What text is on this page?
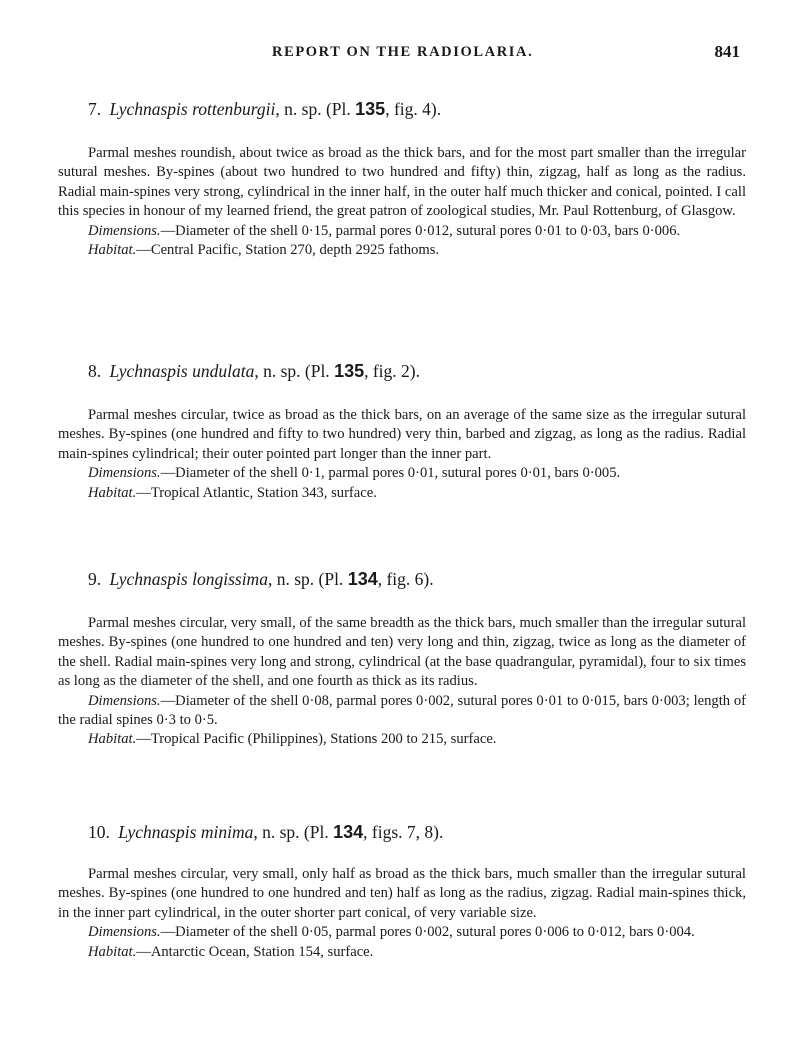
REPORT ON THE RADIOLARIA.	841

7. Lychnaspis rottenburgii, n. sp. (Pl. 135, fig. 4).

Parmal meshes roundish, about twice as broad as the thick bars, and for the most part smaller than the irregular sutural meshes. By-spines (about two hundred to two hundred and fifty) thin, zigzag, half as long as the radius. Radial main-spines very strong, cylindrical in the inner half, in the outer half much thicker and conical, pointed. I call this species in honour of my learned friend, the great patron of zoological studies, Mr. Paul Rottenburg, of Glasgow.

Dimensions.—Diameter of the shell 0·15, parmal pores 0·012, sutural pores 0·01 to 0·03, bars 0·006.

Habitat.—Central Pacific, Station 270, depth 2925 fathoms.

8. Lychnaspis undulata, n. sp. (Pl. 135, fig. 2).

Parmal meshes circular, twice as broad as the thick bars, on an average of the same size as the irregular sutural meshes. By-spines (one hundred and fifty to two hundred) very thin, barbed and zigzag, as long as the radius. Radial main-spines cylindrical; their outer pointed part longer than the inner part.

Dimensions.—Diameter of the shell 0·1, parmal pores 0·01, sutural pores 0·01, bars 0·005.

Habitat.—Tropical Atlantic, Station 343, surface.

9. Lychnaspis longissima, n. sp. (Pl. 134, fig. 6).

Parmal meshes circular, very small, of the same breadth as the thick bars, much smaller than the irregular sutural meshes. By-spines (one hundred to one hundred and ten) very long and thin, zigzag, twice as long as the diameter of the shell. Radial main-spines very long and strong, cylindrical (at the base quadrangular, pyramidal), four to six times as long as the diameter of the shell, and one fourth as thick as its radius.

Dimensions.—Diameter of the shell 0·08, parmal pores 0·002, sutural pores 0·01 to 0·015, bars 0·003; length of the radial spines 0·3 to 0·5.

Habitat.—Tropical Pacific (Philippines), Stations 200 to 215, surface.

10. Lychnaspis minima, n. sp. (Pl. 134, figs. 7, 8).

Parmal meshes circular, very small, only half as broad as the thick bars, much smaller than the irregular sutural meshes. By-spines (one hundred to one hundred and ten) half as long as the radius, zigzag. Radial main-spines thick, in the inner part cylindrical, in the outer shorter part conical, of very variable size.

Dimensions.—Diameter of the shell 0·05, parmal pores 0·002, sutural pores 0·006 to 0·012, bars 0·004.

Habitat.—Antarctic Ocean, Station 154, surface.
